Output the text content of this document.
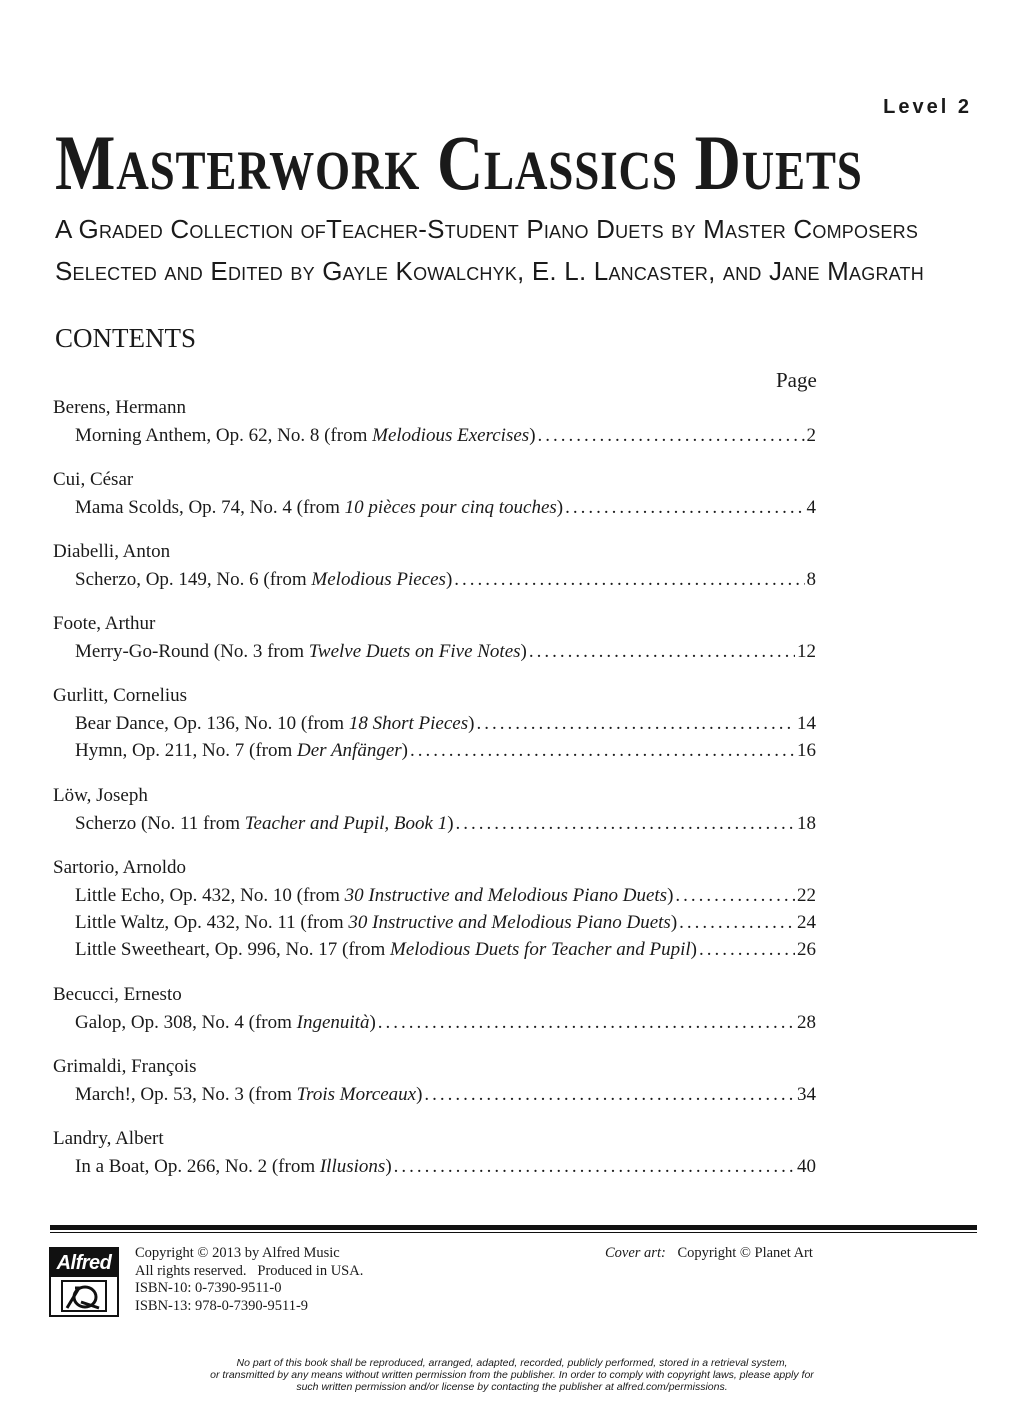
Level 2
Masterwork Classics Duets
A Graded Collection ofTeacher-Student Piano Duets by Master Composers
Selected and Edited by Gayle Kowalchyk, E. L. Lancaster, and Jane Magrath
CONTENTS
Page
Berens, Hermann
Morning Anthem, Op. 62, No. 8 (from Melodious Exercises ) .....	2
Cui, César
Mama Scolds, Op. 74, No. 4 (from 10 pièces pour cinq touches ) .....	4
Diabelli, Anton
Scherzo, Op. 149, No. 6 (from Melodious Pieces ) .....	8
Foote, Arthur
Merry-Go-Round (No. 3 from Twelve Duets on Five Notes ) .....	12
Gurlitt, Cornelius
Bear Dance, Op. 136, No. 10 (from 18 Short Pieces ) .....	14
Hymn, Op. 211, No. 7 (from Der Anfänger ) .....	16
Löw, Joseph
Scherzo (No. 11 from Teacher and Pupil, Book 1 ) .....	18
Sartorio, Arnoldo
Little Echo, Op. 432, No. 10 (from 30 Instructive and Melodious Piano Duets ) .....	22
Little Waltz, Op. 432, No. 11 (from 30 Instructive and Melodious Piano Duets ) .....	24
Little Sweetheart, Op. 996, No. 17 (from Melodious Duets for Teacher and Pupil ) .....	26
Becucci, Ernesto
Galop, Op. 308, No. 4 (from Ingenuità ) .....	28
Grimaldi, François
March!, Op. 53, No. 3 (from Trois Morceaux ) .....	34
Landry, Albert
In a Boat, Op. 266, No. 2 (from Illusions ) .....	40
Alfred	Copyright © 2013 by Alfred Music
All rights reserved.   Produced in USA.
ISBN-10: 0-7390-9511-0
ISBN-13: 978-0-7390-9511-9
Cover art: Copyright © Planet Art
No part of this book shall be reproduced, arranged, adapted, recorded, publicly performed, stored in a retrieval system,
or transmitted by any means without written permission from the publisher. In order to comply with copyright laws, please apply for
such written permission and/or license by contacting the publisher at alfred.com/permissions.
